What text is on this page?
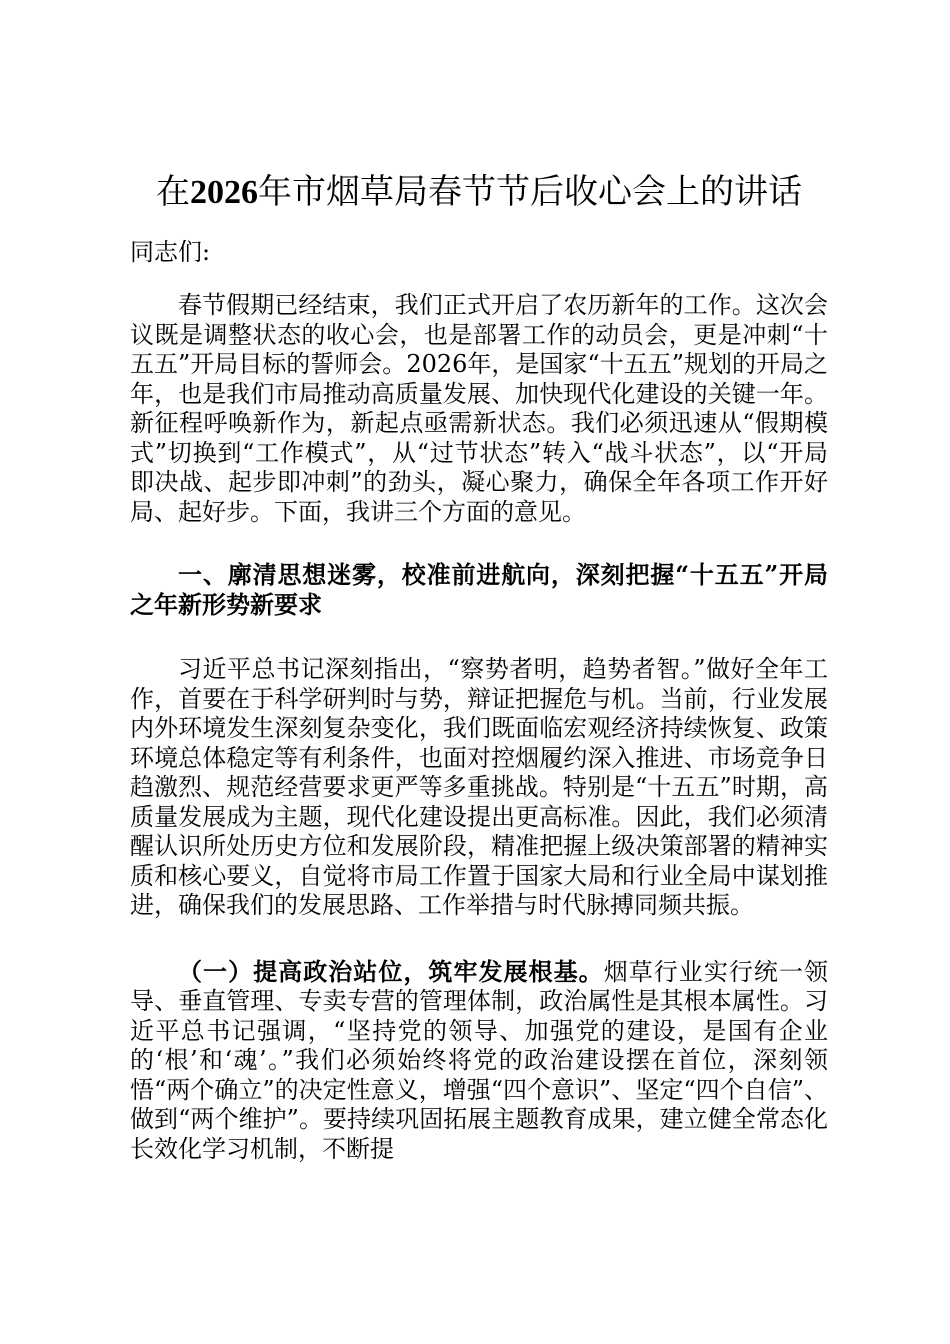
在2026年市烟草局春节节后收心会上的讲话
同志们:

春节假期已经结束，我们正式开启了农历新年的工作。这次会议既是调整状态的收心会，也是部署工作的动员会，更是冲刺“十五五”开局目标的誓师会。2026年，是国家“十五五”规划的开局之年，也是我们市局推动高质量发展、加快现代化建设的关键一年。新征程呼唤新作为，新起点亟需新状态。我们必须迅速从“假期模式”切换到“工作模式”，从“过节状态”转入“战斗状态”，以“开局即决战、起步即冲刺”的劲头，凝心聚力，确保全年各项工作开好局、起好步。下面，我讲三个方面的意见。

一、廓清思想迷雾，校准前进航向，深刻把握“十五五”开局之年新形势新要求

习近平总书记深刻指出，“察势者明，趋势者智。”做好全年工作，首要在于科学研判时与势，辩证把握危与机。当前，行业发展内外环境发生深刻复杂变化，我们既面临宏观经济持续恢复、政策环境总体稳定等有利条件，也面对控烟履约深入推进、市场竞争日趋激烈、规范经营要求更严等多重挑战。特别是“十五五”时期，高质量发展成为主题，现代化建设提出更高标准。因此，我们必须清醒认识所处历史方位和发展阶段，精准把握上级决策部署的精神实质和核心要义，自觉将市局工作置于国家大局和行业全局中谋划推进，确保我们的发展思路、工作举措与时代脉搏同频共振。

（一）提高政治站位，筑牢发展根基。烟草行业实行统一领导、垂直管理、专卖专营的管理体制，政治属性是其根本属性。习近平总书记强调，“坚持党的领导、加强党的建设，是国有企业的‘根’和‘魂’。”我们必须始终将党的政治建设摆在首位，深刻领悟“两个确立”的决定性意义，增强“四个意识”、坚定“四个自信”、做到“两个维护”。要持续巩固拓展主题教育成果，建立健全常态化长效化学习机制，不断提
